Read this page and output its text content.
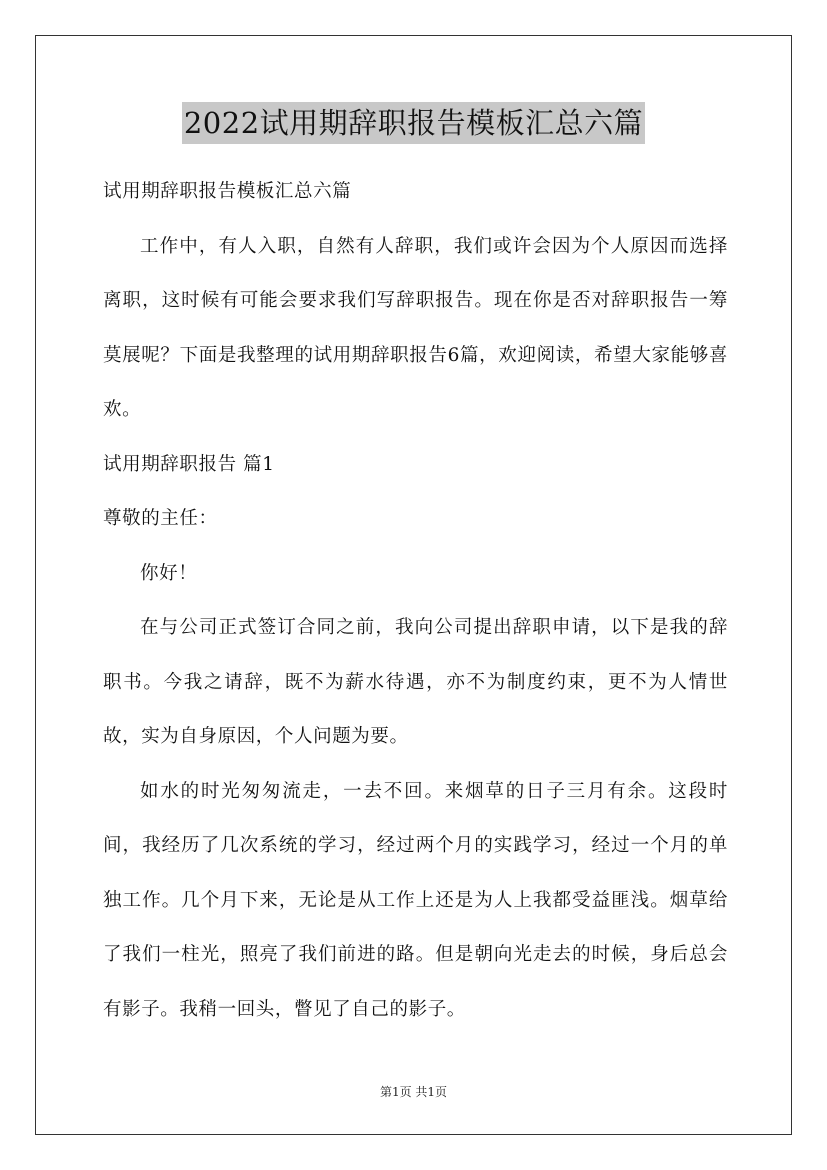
2022试用期辞职报告模板汇总六篇

试用期辞职报告模板汇总六篇

工作中，有人入职，自然有人辞职，我们或许会因为个人原因而选择离职，这时候有可能会要求我们写辞职报告。现在你是否对辞职报告一筹莫展呢？下面是我整理的试用期辞职报告6篇，欢迎阅读，希望大家能够喜欢。

试用期辞职报告 篇1

尊敬的主任：

你好！

在与公司正式签订合同之前，我向公司提出辞职申请，以下是我的辞职书。今我之请辞，既不为薪水待遇，亦不为制度约束，更不为人情世故，实为自身原因，个人问题为要。

如水的时光匆匆流走，一去不回。来烟草的日子三月有余。这段时间，我经历了几次系统的学习，经过两个月的实践学习，经过一个月的单独工作。几个月下来，无论是从工作上还是为人上我都受益匪浅。烟草给了我们一柱光，照亮了我们前进的路。但是朝向光走去的时候，身后总会有影子。我稍一回头，瞥见了自己的影子。

第1页 共1页
